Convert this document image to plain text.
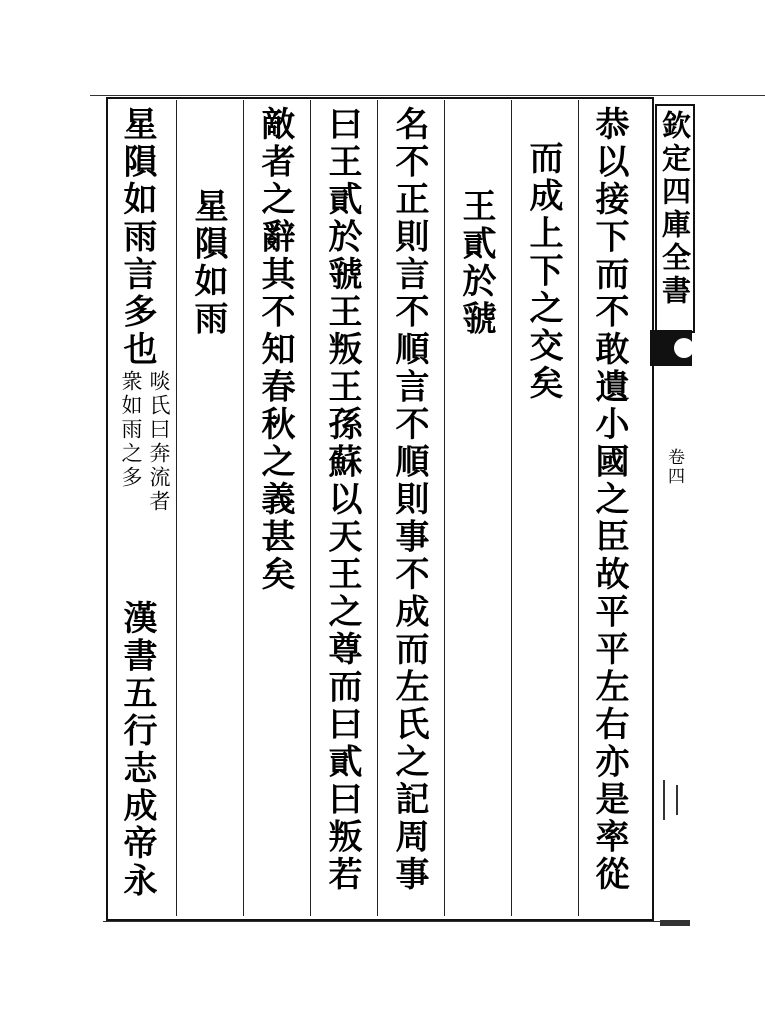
恭以接下而不敢遺小國之臣故平平左右亦是率從
而成上下之交矣
王貳於虢
名不正則言不順言不順則事不成而左氏之記周事
曰王貳於虢王叛王孫蘇以天王之尊而曰貳曰叛若
敵者之辭其不知春秋之義甚矣
星隕如雨
星隕如雨言多也
啖氏曰奔流者
衆如雨之多
漢書五行志成帝永
欽定四庫全書
卷四
